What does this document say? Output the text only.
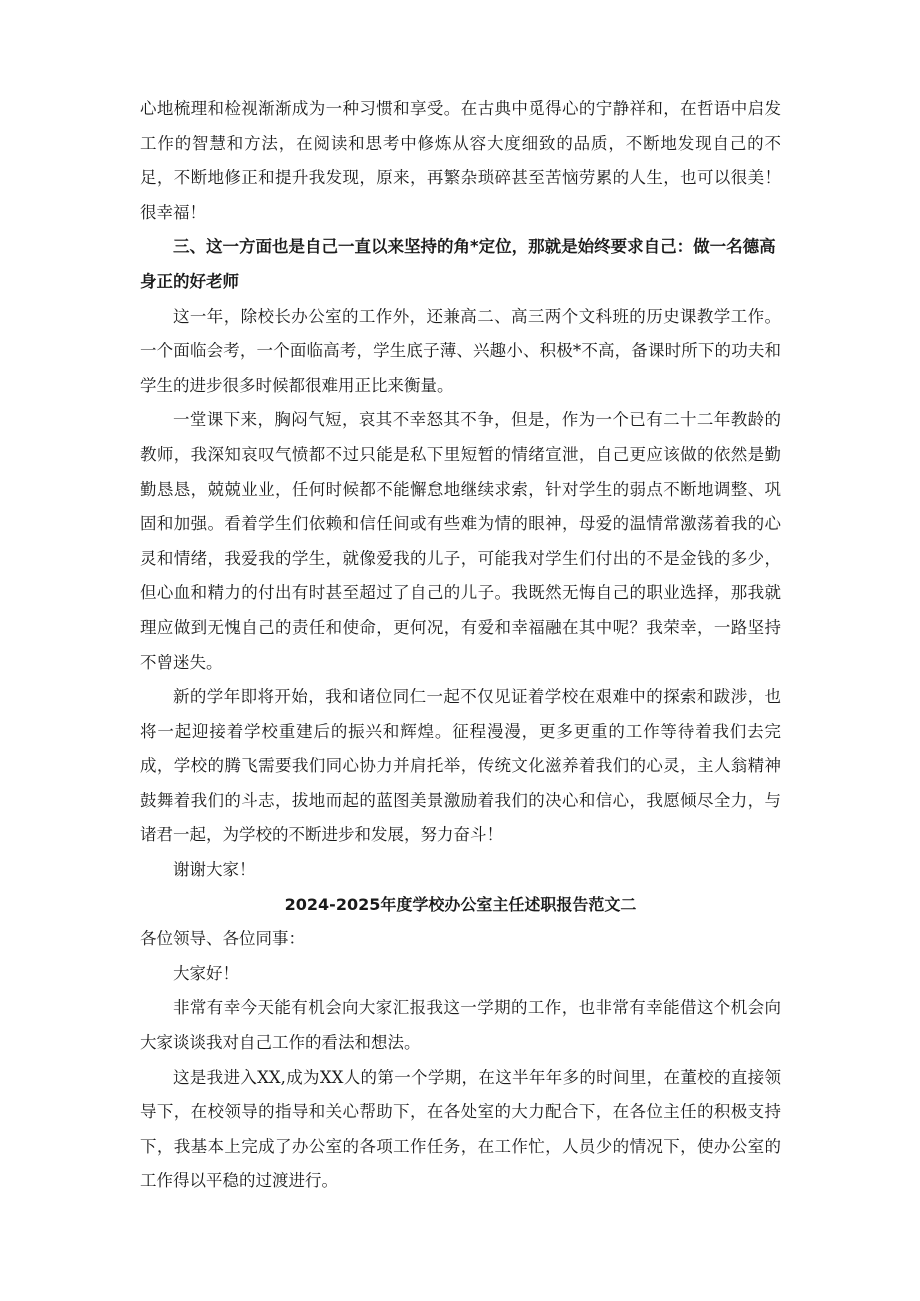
心地梳理和检视渐渐成为一种习惯和享受。在古典中觅得心的宁静祥和，在哲语中启发工作的智慧和方法，在阅读和思考中修炼从容大度细致的品质，不断地发现自己的不足，不断地修正和提升我发现，原来，再繁杂琐碎甚至苦恼劳累的人生，也可以很美！很幸福！

三、这一方面也是自己一直以来坚持的角*定位，那就是始终要求自己：做一名德高身正的好老师

这一年，除校长办公室的工作外，还兼高二、高三两个文科班的历史课教学工作。一个面临会考，一个面临高考，学生底子薄、兴趣小、积极*不高，备课时所下的功夫和学生的进步很多时候都很难用正比来衡量。

一堂课下来，胸闷气短，哀其不幸怒其不争，但是，作为一个已有二十二年教龄的教师，我深知哀叹气愤都不过只能是私下里短暂的情绪宣泄，自己更应该做的依然是勤勤恳恳，兢兢业业，任何时候都不能懈怠地继续求索，针对学生的弱点不断地调整、巩固和加强。看着学生们依赖和信任间或有些难为情的眼神，母爱的温情常激荡着我的心灵和情绪，我爱我的学生，就像爱我的儿子，可能我对学生们付出的不是金钱的多少，但心血和精力的付出有时甚至超过了自己的儿子。我既然无悔自己的职业选择，那我就理应做到无愧自己的责任和使命，更何况，有爱和幸福融在其中呢？我荣幸，一路坚持不曾迷失。

新的学年即将开始，我和诸位同仁一起不仅见证着学校在艰难中的探索和跋涉，也将一起迎接着学校重建后的振兴和辉煌。征程漫漫，更多更重的工作等待着我们去完成，学校的腾飞需要我们同心协力并肩托举，传统文化滋养着我们的心灵，主人翁精神鼓舞着我们的斗志，拔地而起的蓝图美景激励着我们的决心和信心，我愿倾尽全力，与诸君一起，为学校的不断进步和发展，努力奋斗！

谢谢大家！

2024-2025年度学校办公室主任述职报告范文二

各位领导、各位同事：

大家好！

非常有幸今天能有机会向大家汇报我这一学期的工作，也非常有幸能借这个机会向大家谈谈我对自己工作的看法和想法。

这是我进入XX,成为XX人的第一个学期，在这半年年多的时间里，在董校的直接领导下，在校领导的指导和关心帮助下，在各处室的大力配合下，在各位主任的积极支持下，我基本上完成了办公室的各项工作任务，在工作忙，人员少的情况下，使办公室的工作得以平稳的过渡进行。
